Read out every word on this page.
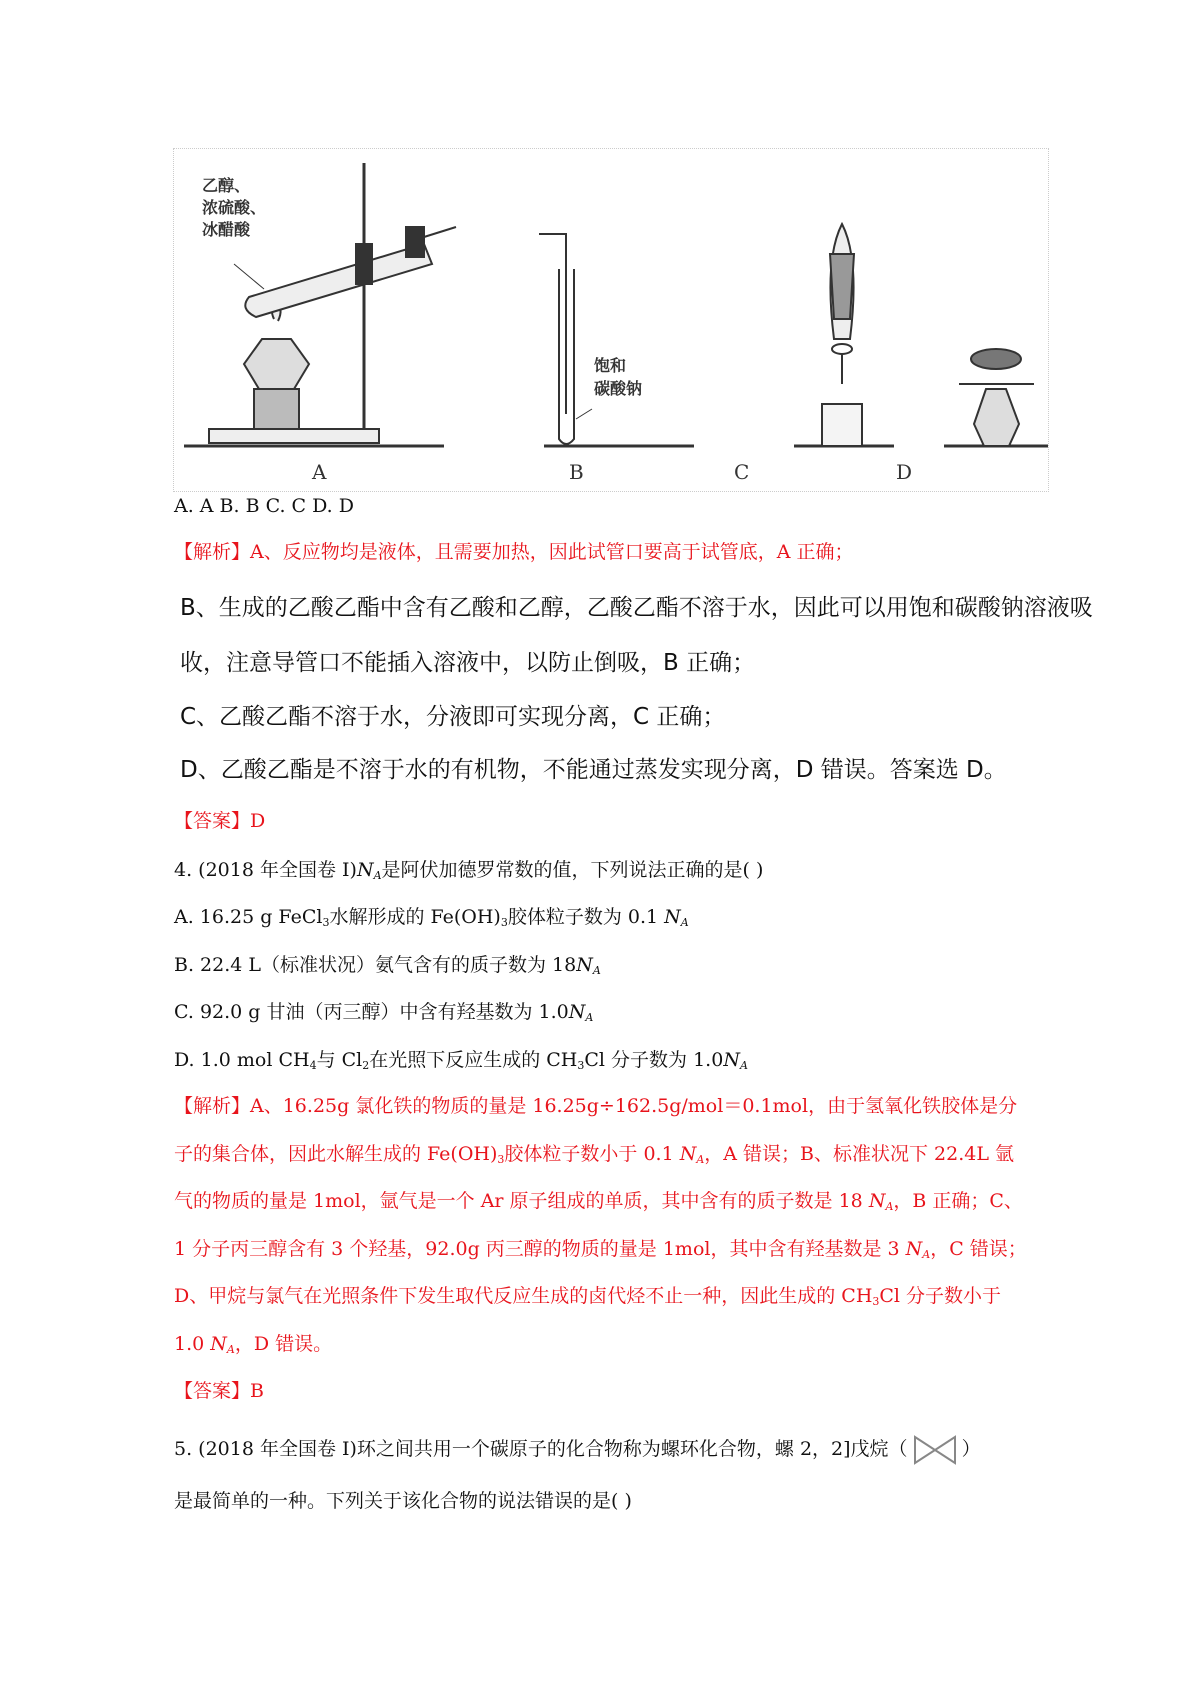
乙醇、
浓硫酸、
冰醋酸
饱和
碳酸钠
A	B	C	D
A. A B. B C. C D. D
【解析】A、反应物均是液体，且需要加热，因此试管口要高于试管底，A 正确；
B、生成的乙酸乙酯中含有乙酸和乙醇，乙酸乙酯不溶于水，因此可以用饱和碳酸钠溶液吸
收，注意导管口不能插入溶液中，以防止倒吸，B 正确；
C、乙酸乙酯不溶于水，分液即可实现分离，C 正确；
D、乙酸乙酯是不溶于水的有机物，不能通过蒸发实现分离，D 错误。答案选 D。
【答案】D
4. (2018 年全国卷 $I)N_A$是阿伏加德罗常数的值，下列说法正确的是( )
A. 16.25 g FeCl$_3$水解形成的 $Fe(OH)_3$胶体粒子数为 0.1 $N_A$
B. 22.4 L（标准状况）氨气含有的质子数为 $18N_A$
C. 92.0 g 甘油（丙三醇）中含有羟基数为 $1.0N_A$
D. 1.0 mol $CH_4$与 $Cl_2$在光照下反应生成的 $CH_3Cl$ 分子数为 $1.0N_A$
【解析】A、16.25g 氯化铁的物质的量是 16.25g÷162.5g/mol＝0.1mol，由于氢氧化铁胶体是分
子的集合体，因此水解生成的 $Fe(OH)_3$胶体粒子数小于 0.1 $N_A$，A 错误；B、标准状况下 22.4L 氩
气的物质的量是 1mol，氩气是一个 Ar 原子组成的单质，其中含有的质子数是 18 $N_A$，B 正确；C、
1 分子丙三醇含有 3 个羟基，92.0g 丙三醇的物质的量是 1mol，其中含有羟基数是 3 $N_A$，C 错误；
D、甲烷与氯气在光照条件下发生取代反应生成的卤代烃不止一种，因此生成的 $CH_3Cl$ 分子数小于
1.0 $N_A$，D 错误。
【答案】B
5. (2018 年全国卷 I)环之间共用一个碳原子的化合物称为螺环化合物，螺 2，2]戊烷（	）
是最简单的一种。下列关于该化合物的说法错误的是( )
